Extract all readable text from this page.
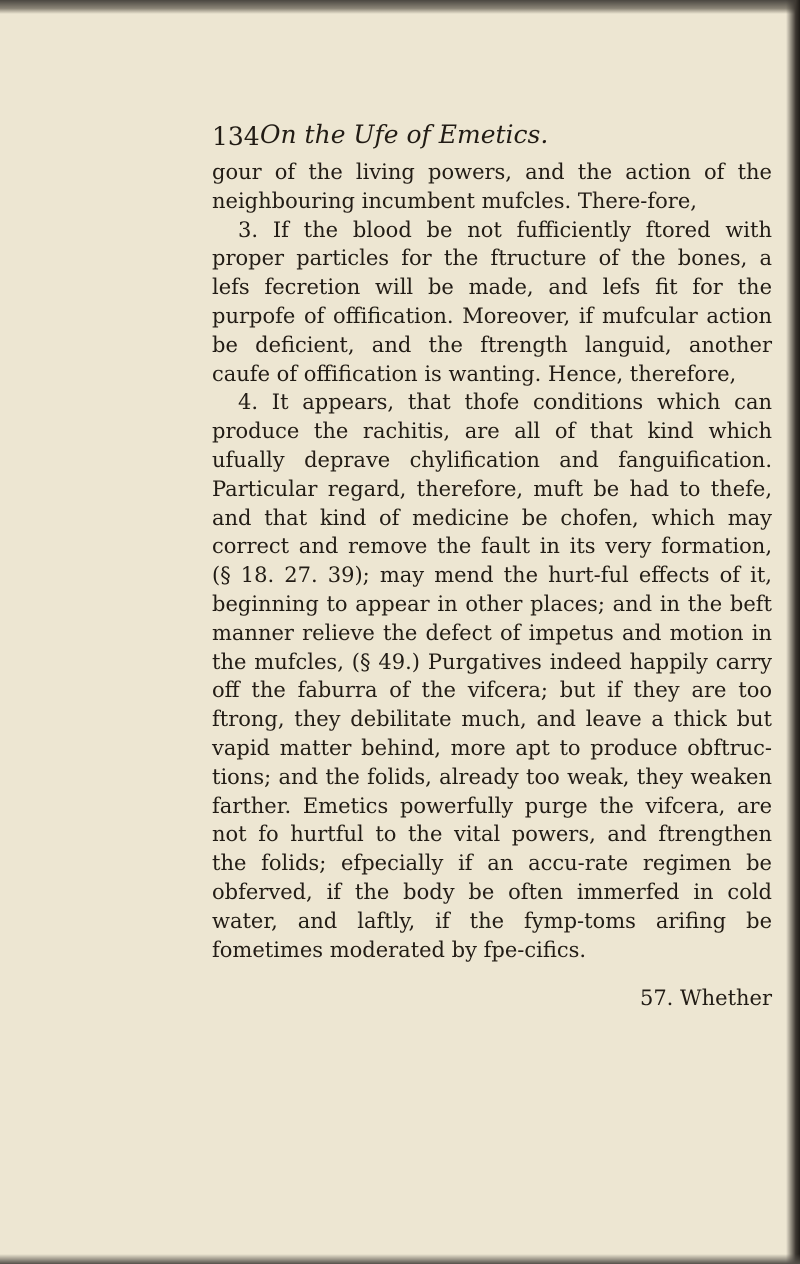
134 On the Ufe of Emetics.

gour of the living powers, and the action of the neighbouring incumbent mufcles. There-fore,

3. If the blood be not fufficiently ftored with proper particles for the ftructure of the bones, a lefs fecretion will be made, and lefs fit for the purpofe of offification. Moreover, if mufcular action be deficient, and the ftrength languid, another caufe of offification is wanting. Hence, therefore,

4. It appears, that thofe conditions which can produce the rachitis, are all of that kind which ufually deprave chylification and fanguification. Particular regard, therefore, muft be had to thefe, and that kind of medicine be chofen, which may correct and remove the fault in its very formation, (§ 18. 27. 39); may mend the hurt-ful effects of it, beginning to appear in other places; and in the beft manner relieve the defect of impetus and motion in the mufcles, (§ 49.) Purgatives indeed happily carry off the faburra of the vifcera; but if they are too ftrong, they debilitate much, and leave a thick but vapid matter behind, more apt to produce obftruc-tions; and the folids, already too weak, they weaken farther. Emetics powerfully purge the vifcera, are not fo hurtful to the vital powers, and ftrengthen the folids; efpecially if an accu-rate regimen be obferved, if the body be often immerfed in cold water, and laftly, if the fymp-toms arifing be fometimes moderated by fpe-cifics.

57. Whether
